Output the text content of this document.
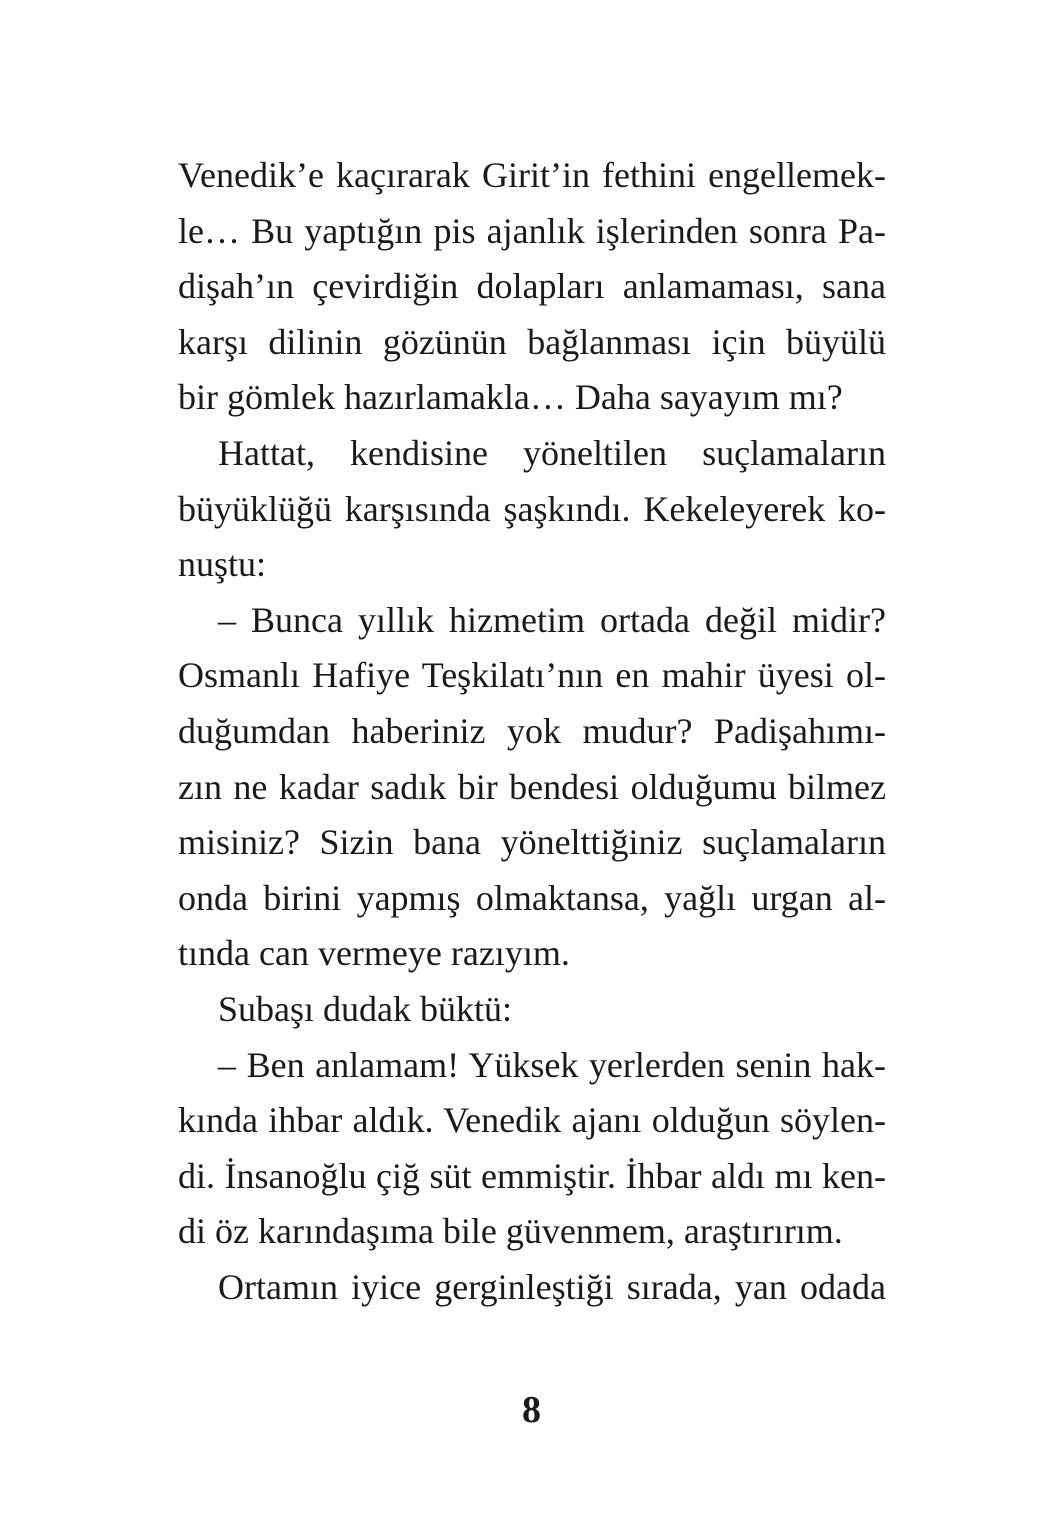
Venedik’e kaçırarak Girit’in fethini engellemek-
le… Bu yaptığın pis ajanlık işlerinden sonra Pa-
dişah’ın çevirdiğin dolapları anlamaması, sana
karşı dilinin gözünün bağlanması için büyülü
bir gömlek hazırlamakla… Daha sayayım mı?
Hattat, kendisine yöneltilen suçlamaların
büyüklüğü karşısında şaşkındı. Kekeleyerek ko-
nuştu:
– Bunca yıllık hizmetim ortada değil midir?
Osmanlı Hafiye Teşkilatı’nın en mahir üyesi ol-
duğumdan haberiniz yok mudur? Padişahımı-
zın ne kadar sadık bir bendesi olduğumu bilmez
misiniz? Sizin bana yönelttiğiniz suçlamaların
onda birini yapmış olmaktansa, yağlı urgan al-
tında can vermeye razıyım.
Subaşı dudak büktü:
– Ben anlamam! Yüksek yerlerden senin hak-
kında ihbar aldık. Venedik ajanı olduğun söylen-
di. İnsanoğlu çiğ süt emmiştir. İhbar aldı mı ken-
di öz karındaşıma bile güvenmem, araştırırım.
Ortamın iyice gerginleştiği sırada, yan odada
8
